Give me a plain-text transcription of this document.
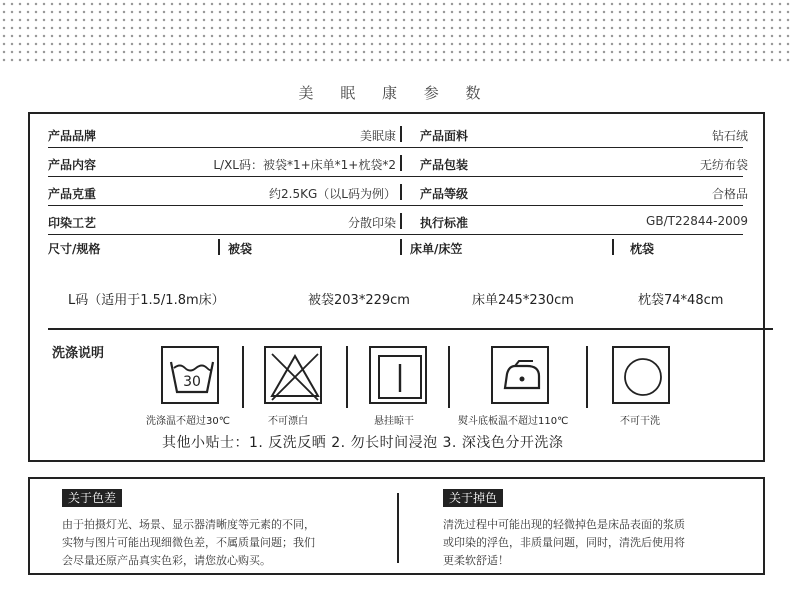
美 眠 康 参 数
产品品牌	美眠康 产品面料	钻石绒
产品内容	L/XL码：被袋*1+床单*1+枕袋*2 产品包装	无纺布袋
产品克重	约2.5KG（以L码为例） 产品等级	合格品
印染工艺	分散印染 执行标准	GB/T22844-2009
尺寸/规格	被袋	床单/床笠	枕袋
L码（适用于1.5/1.8m床）	被袋203*229cm	床单245*230cm	枕袋74*48cm
洗涤说明
30
洗涤温不超过30℃	不可漂白	悬挂晾干	熨斗底板温不超过110℃	不可干洗
其他小贴士：1. 反洗反晒 2. 勿长时间浸泡 3. 深浅色分开洗涤
关于色差
由于拍摄灯光、场景、显示器清晰度等元素的不同，
实物与图片可能出现细微色差，不属质量问题；我们
会尽量还原产品真实色彩，请您放心购买。
关于掉色
清洗过程中可能出现的轻微掉色是床品表面的浆质
或印染的浮色，非质量问题，同时，清洗后使用将
更柔软舒适！
